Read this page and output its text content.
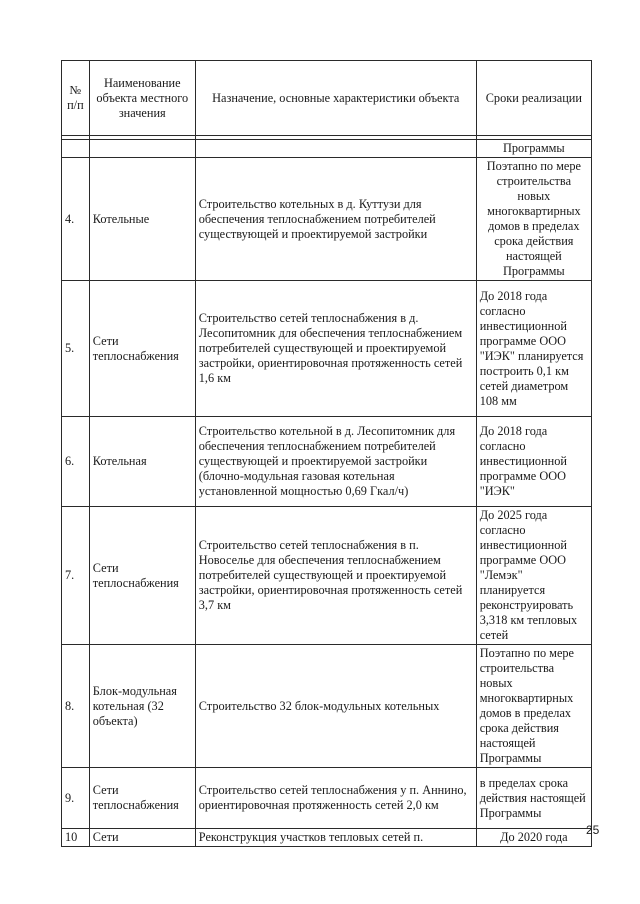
№ п/п	Наименование объекта местного значения	Назначение, основные характеристики объекта	Сроки реализации

			Программы
4.	Котельные	Строительство котельных в д. Куттузи для обеспечения теплоснабжением потребителей существующей и проектируемой застройки	Поэтапно по мере строительства новых многоквартирных домов в пределах срока действия настоящей Программы
5.	Сети теплоснабжения	Строительство сетей теплоснабжения в д. Лесопитомник для обеспечения теплоснабжением потребителей существующей и проектируемой застройки, ориентировочная протяженность сетей 1,6 км	До 2018 года согласно инвестиционной программе ООО "ИЭК" планируется построить 0,1 км сетей диаметром 108 мм
6.	Котельная	Строительство котельной в д. Лесопитомник для обеспечения теплоснабжением потребителей существующей и проектируемой застройки (блочно-модульная газовая котельная установленной мощностью 0,69 Гкал/ч)	До 2018 года согласно инвестиционной программе ООО "ИЭК"
7.	Сети теплоснабжения	Строительство сетей теплоснабжения в п. Новоселье для обеспечения теплоснабжением потребителей существующей и проектируемой застройки, ориентировочная протяженность сетей 3,7 км	До 2025 года согласно инвестиционной программе ООО "Лемэк" планируется реконструировать 3,318 км тепловых сетей
8.	Блок-модульная котельная (32 объекта)	Строительство 32 блок-модульных котельных	Поэтапно по мере строительства новых многоквартирных домов в пределах срока действия настоящей Программы
9.	Сети теплоснабжения	Строительство сетей теплоснабжения у п. Аннино, ориентировочная протяженность сетей 2,0 км	в пределах срока действия настоящей Программы
10	Сети	Реконструкция участков тепловых сетей п.	До 2020 года 25
